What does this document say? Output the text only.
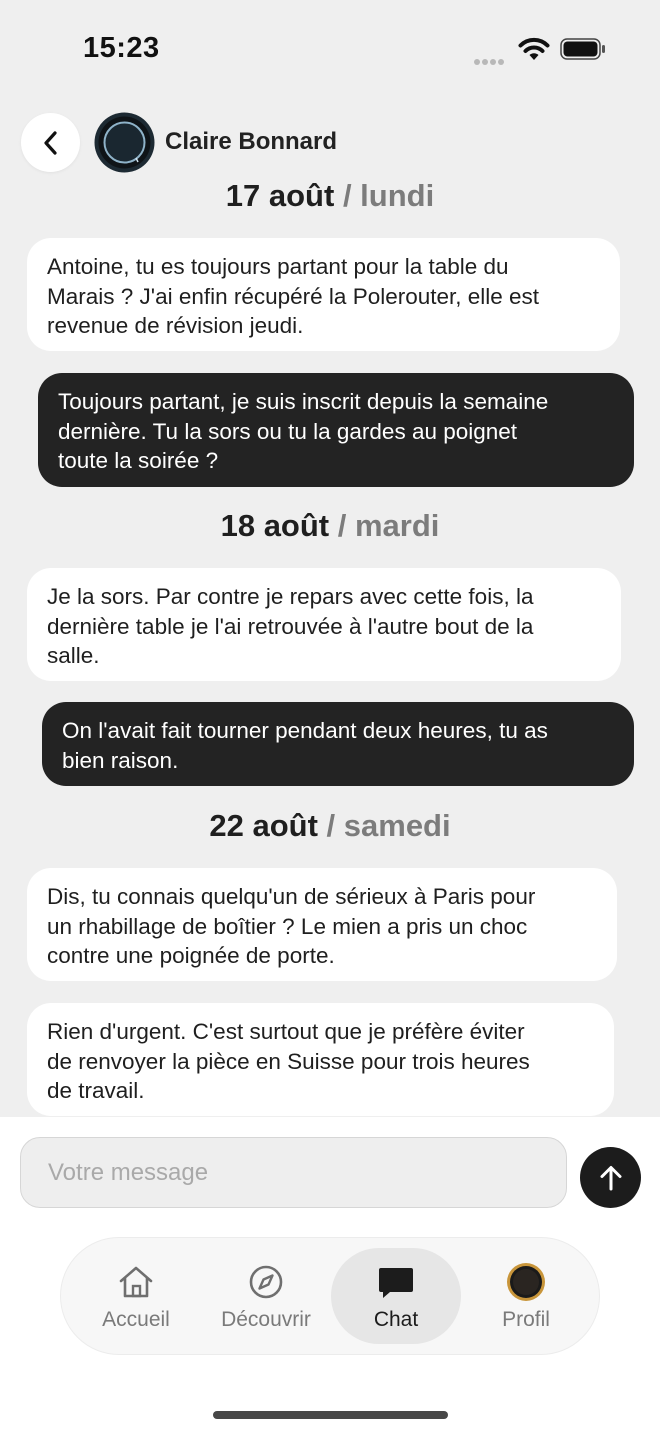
15:23
Claire Bonnard
17 août / lundi
Antoine, tu es toujours partant pour la table du
Marais ? J'ai enfin récupéré la Polerouter, elle est
revenue de révision jeudi.
Toujours partant, je suis inscrit depuis la semaine
dernière. Tu la sors ou tu la gardes au poignet
toute la soirée ?
18 août / mardi
Je la sors. Par contre je repars avec cette fois, la
dernière table je l'ai retrouvée à l'autre bout de la
salle.
On l'avait fait tourner pendant deux heures, tu as
bien raison.
22 août / samedi
Dis, tu connais quelqu'un de sérieux à Paris pour
un rhabillage de boîtier ? Le mien a pris un choc
contre une poignée de porte.
Rien d'urgent. C'est surtout que je préfère éviter
de renvoyer la pièce en Suisse pour trois heures
de travail.
Votre message
Accueil	Découvrir	Chat	Profil
